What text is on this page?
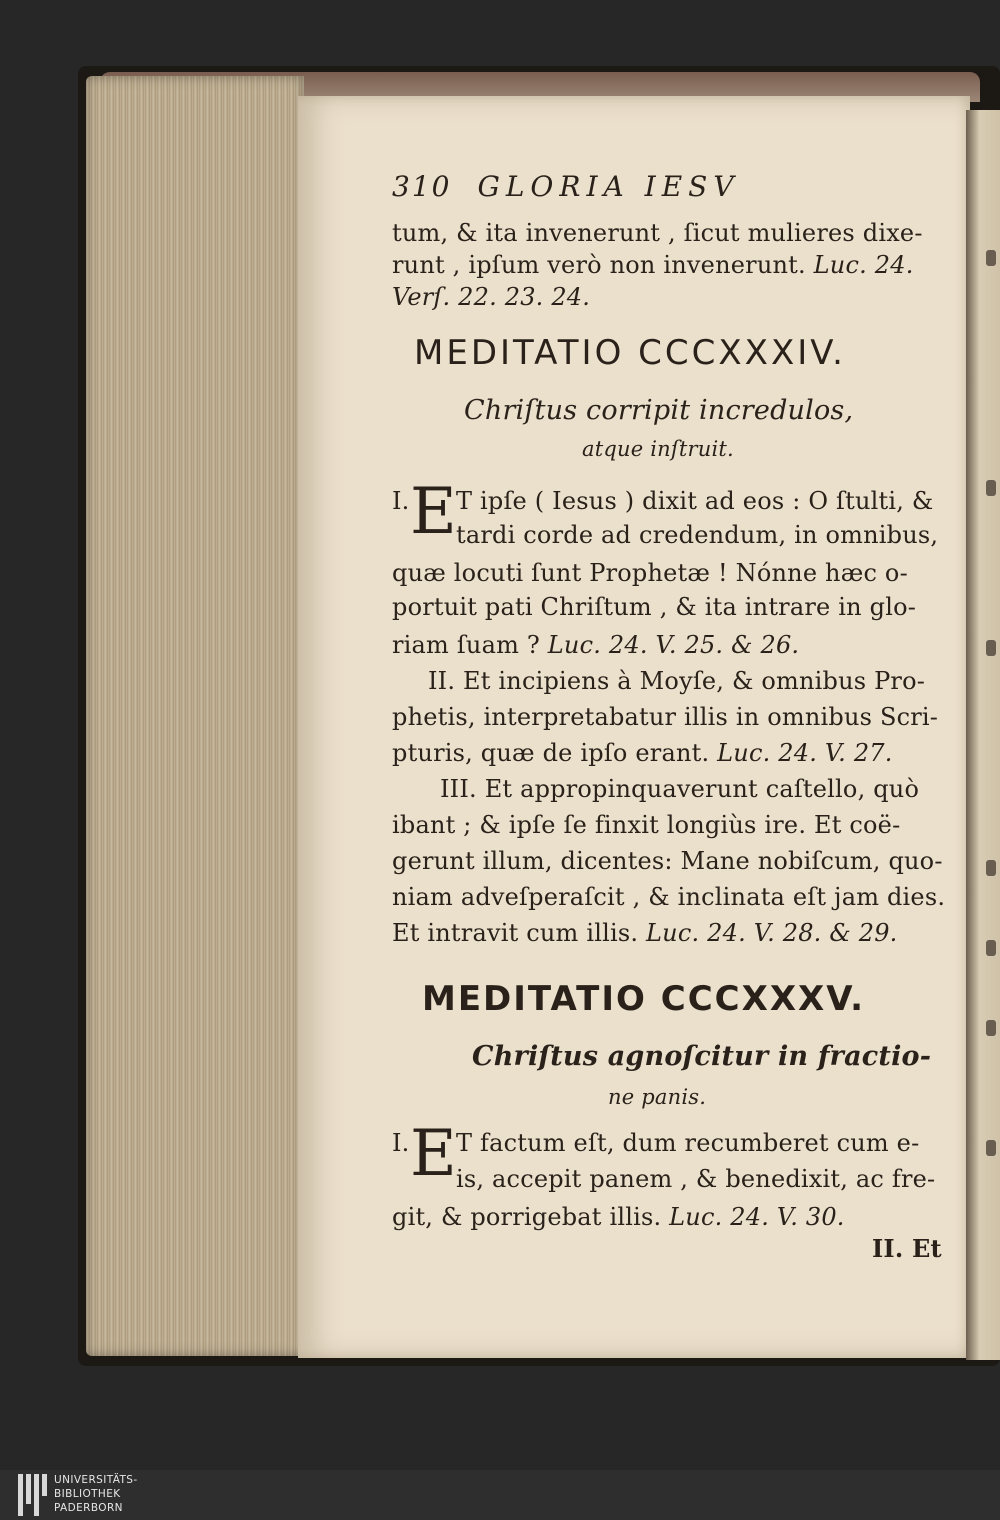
310 GLORIA IESV
tum, & ita invenerunt , ſicut mulieres dixe-
runt , ipſum verò non invenerunt. Luc. 24.
Verſ. 22. 23. 24.
MEDITATIO CCCXXXIV.
Chriſtus corripit incredulos,
atque inſtruit.
I. E T ipſe ( Iesus ) dixit ad eos : O ſtulti, &
tardi corde ad credendum, in omnibus,
quæ locuti ſunt Prophetæ ! Nónne hæc o-
portuit pati Chriſtum , & ita intrare in glo-
riam ſuam ? Luc. 24. V. 25. & 26.
II. Et incipiens à Moyſe, & omnibus Pro-
phetis, interpretabatur illis in omnibus Scri-
pturis, quæ de ipſo erant. Luc. 24. V. 27.
III. Et appropinquaverunt caſtello, quò
ibant ; & ipſe ſe finxit longiùs ire. Et coë-
gerunt illum, dicentes: Mane nobiſcum, quo-
niam adveſperaſcit , & inclinata eſt jam dies.
Et intravit cum illis. Luc. 24. V. 28. & 29.
MEDITATIO CCCXXXV.
Chriſtus agnoſcitur in fractio-
ne panis.
I. E T factum eſt, dum recumberet cum e-
is, accepit panem , & benedixit, ac fre-
git, & porrigebat illis. Luc. 24. V. 30.
II. Et
UNIVERSITÄTS-
BIBLIOTHEK
PADERBORN
